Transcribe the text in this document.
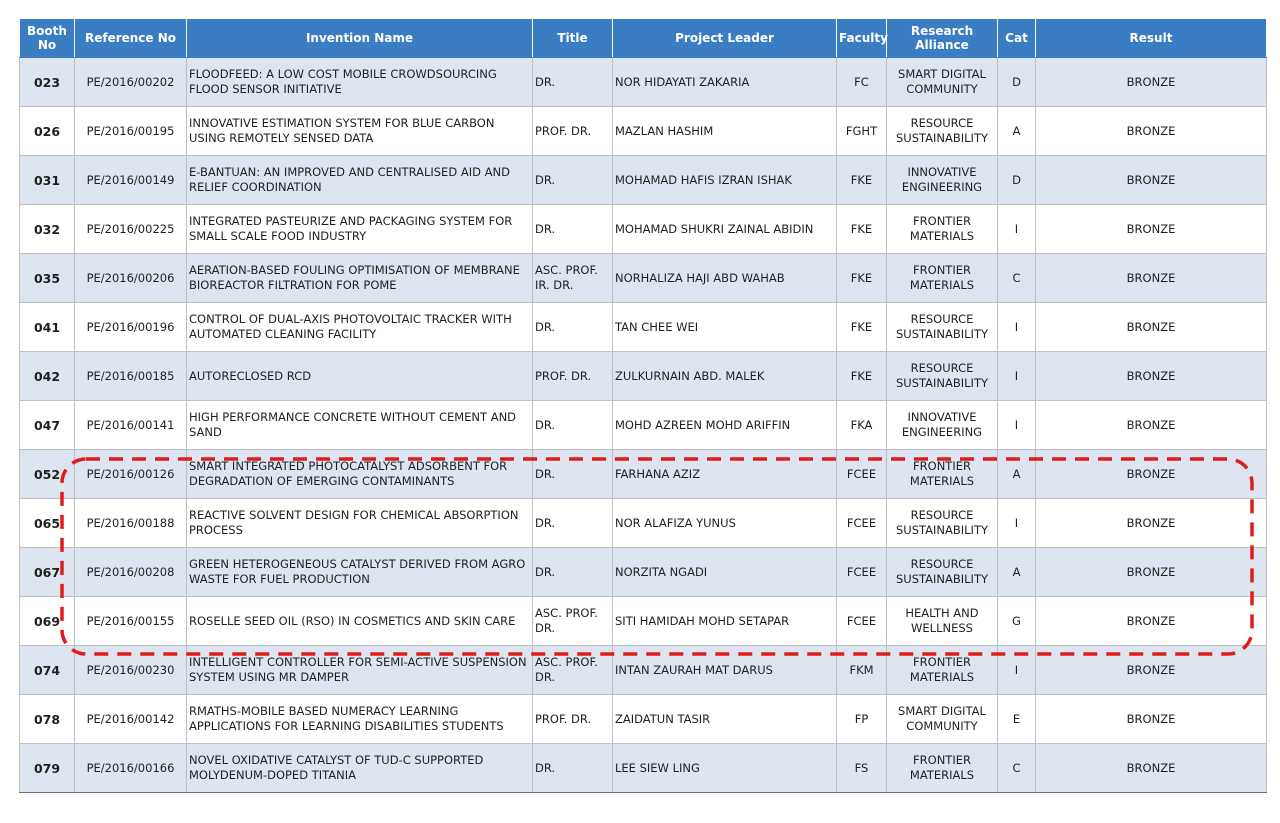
Booth No	Reference No	Invention Name	Title	Project Leader	Faculty	Research Alliance	Cat	Result
023	PE/2016/00202	FLOODFEED: A LOW COST MOBILE CROWDSOURCING FLOOD SENSOR INITIATIVE	DR.	NOR HIDAYATI ZAKARIA	FC	SMART DIGITAL COMMUNITY	D	BRONZE
026	PE/2016/00195	INNOVATIVE ESTIMATION SYSTEM FOR BLUE CARBON USING REMOTELY SENSED DATA	PROF. DR.	MAZLAN HASHIM	FGHT	RESOURCE SUSTAINABILITY	A	BRONZE
031	PE/2016/00149	E-BANTUAN: AN IMPROVED AND CENTRALISED AID AND RELIEF COORDINATION	DR.	MOHAMAD HAFIS IZRAN ISHAK	FKE	INNOVATIVE ENGINEERING	D	BRONZE
032	PE/2016/00225	INTEGRATED PASTEURIZE AND PACKAGING SYSTEM FOR SMALL SCALE FOOD INDUSTRY	DR.	MOHAMAD SHUKRI ZAINAL ABIDIN	FKE	FRONTIER MATERIALS	I	BRONZE
035	PE/2016/00206	AERATION-BASED FOULING OPTIMISATION OF MEMBRANE BIOREACTOR FILTRATION FOR POME	ASC. PROF. IR. DR.	NORHALIZA HAJI ABD WAHAB	FKE	FRONTIER MATERIALS	C	BRONZE
041	PE/2016/00196	CONTROL OF DUAL-AXIS PHOTOVOLTAIC TRACKER WITH AUTOMATED CLEANING FACILITY	DR.	TAN CHEE WEI	FKE	RESOURCE SUSTAINABILITY	I	BRONZE
042	PE/2016/00185	AUTORECLOSED RCD	PROF. DR.	ZULKURNAIN ABD. MALEK	FKE	RESOURCE SUSTAINABILITY	I	BRONZE
047	PE/2016/00141	HIGH PERFORMANCE CONCRETE WITHOUT CEMENT AND SAND	DR.	MOHD AZREEN MOHD ARIFFIN	FKA	INNOVATIVE ENGINEERING	I	BRONZE
052	PE/2016/00126	SMART INTEGRATED PHOTOCATALYST ADSORBENT FOR DEGRADATION OF EMERGING CONTAMINANTS	DR.	FARHANA AZIZ	FCEE	FRONTIER MATERIALS	A	BRONZE
065	PE/2016/00188	REACTIVE SOLVENT DESIGN FOR CHEMICAL ABSORPTION PROCESS	DR.	NOR ALAFIZA YUNUS	FCEE	RESOURCE SUSTAINABILITY	I	BRONZE
067	PE/2016/00208	GREEN HETEROGENEOUS CATALYST DERIVED FROM AGRO WASTE FOR FUEL PRODUCTION	DR.	NORZITA NGADI	FCEE	RESOURCE SUSTAINABILITY	A	BRONZE
069	PE/2016/00155	ROSELLE SEED OIL (RSO) IN COSMETICS AND SKIN CARE	ASC. PROF. DR.	SITI HAMIDAH MOHD SETAPAR	FCEE	HEALTH AND WELLNESS	G	BRONZE
074	PE/2016/00230	INTELLIGENT CONTROLLER FOR SEMI-ACTIVE SUSPENSION SYSTEM USING MR DAMPER	ASC. PROF. DR.	INTAN ZAURAH MAT DARUS	FKM	FRONTIER MATERIALS	I	BRONZE
078	PE/2016/00142	RMATHS-MOBILE BASED NUMERACY LEARNING APPLICATIONS FOR LEARNING DISABILITIES STUDENTS	PROF. DR.	ZAIDATUN TASIR	FP	SMART DIGITAL COMMUNITY	E	BRONZE
079	PE/2016/00166	NOVEL OXIDATIVE CATALYST OF TUD-C SUPPORTED MOLYDENUM-DOPED TITANIA	DR.	LEE SIEW LING	FS	FRONTIER MATERIALS	C	BRONZE
